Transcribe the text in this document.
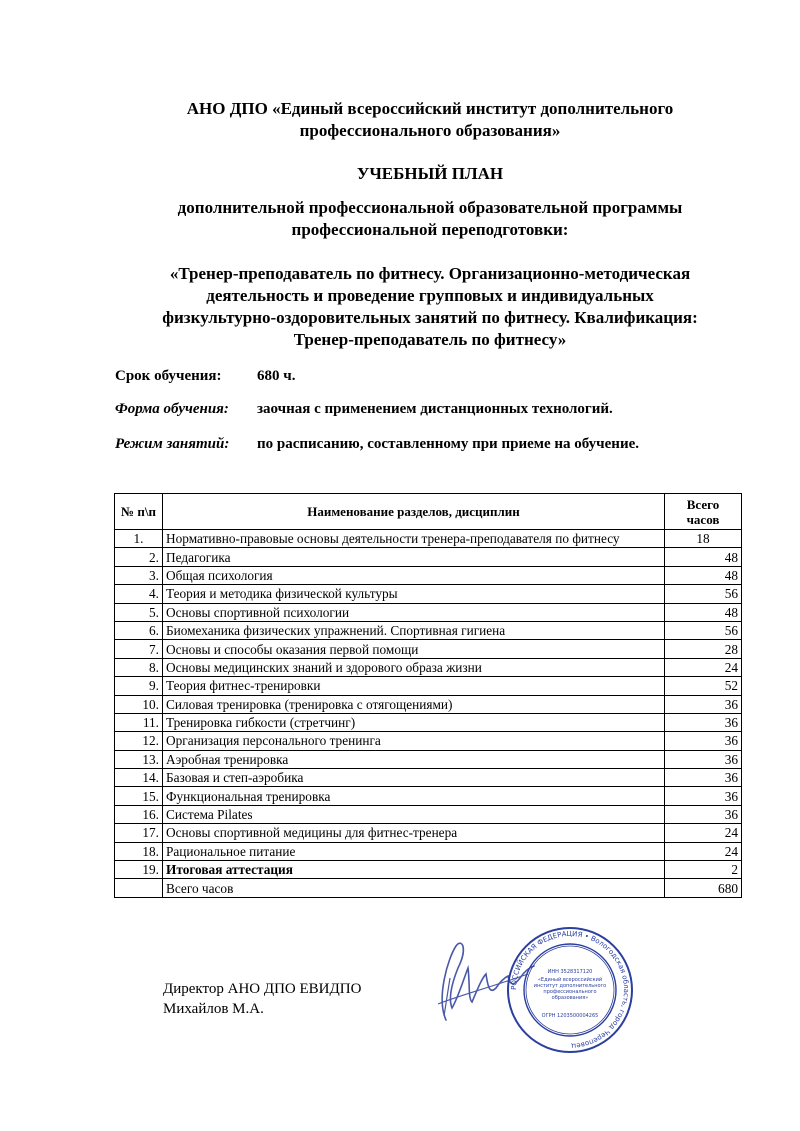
АНО ДПО «Единый всероссийский институт дополнительного
профессионального образования»
УЧЕБНЫЙ ПЛАН
дополнительной профессиональной образовательной программы
профессиональной переподготовки:
«Тренер-преподаватель по фитнесу. Организационно-методическая
деятельность и проведение групповых и индивидуальных
физкультурно-оздоровительных занятий по фитнесу. Квалификация:
Тренер-преподаватель по фитнесу»
Срок обучения: 680 ч.
Форма обучения: заочная с применением дистанционных технологий.
Режим занятий: по расписанию, составленному при приеме на обучение.
№ п\п	Наименование разделов, дисциплин	Всего
часов

1.	Нормативно-правовые основы деятельности тренера-преподавателя по фитнесу	18
2.	Педагогика	48
3.	Общая психология	48
4.	Теория и методика физической культуры	56
5.	Основы спортивной психологии	48
6.	Биомеханика физических упражнений. Спортивная гигиена	56
7.	Основы и способы оказания первой помощи	28
8.	Основы медицинских знаний и здорового образа жизни	24
9.	Теория фитнес-тренировки	52
10.	Силовая тренировка (тренировка с отягощениями)	36
11.	Тренировка гибкости (стретчинг)	36
12.	Организация персонального тренинга	36
13.	Аэробная тренировка	36
14.	Базовая и степ-аэробика	36
15.	Функциональная тренировка	36
16.	Система Pilates	36
17.	Основы спортивной медицины для фитнес-тренера	24
18.	Рациональное питание	24
19.	Итоговая аттестация	2
	Всего часов	680
Директор АНО ДПО ЕВИДПО
Михайлов М.А.
РОССИЙСКАЯ ФЕДЕРАЦИЯ • Вологодская область, город Череповец
ИНН 3528317120
«Единый всероссийский институт дополнительного профессионального образования»
ОГРН 1203500004265
